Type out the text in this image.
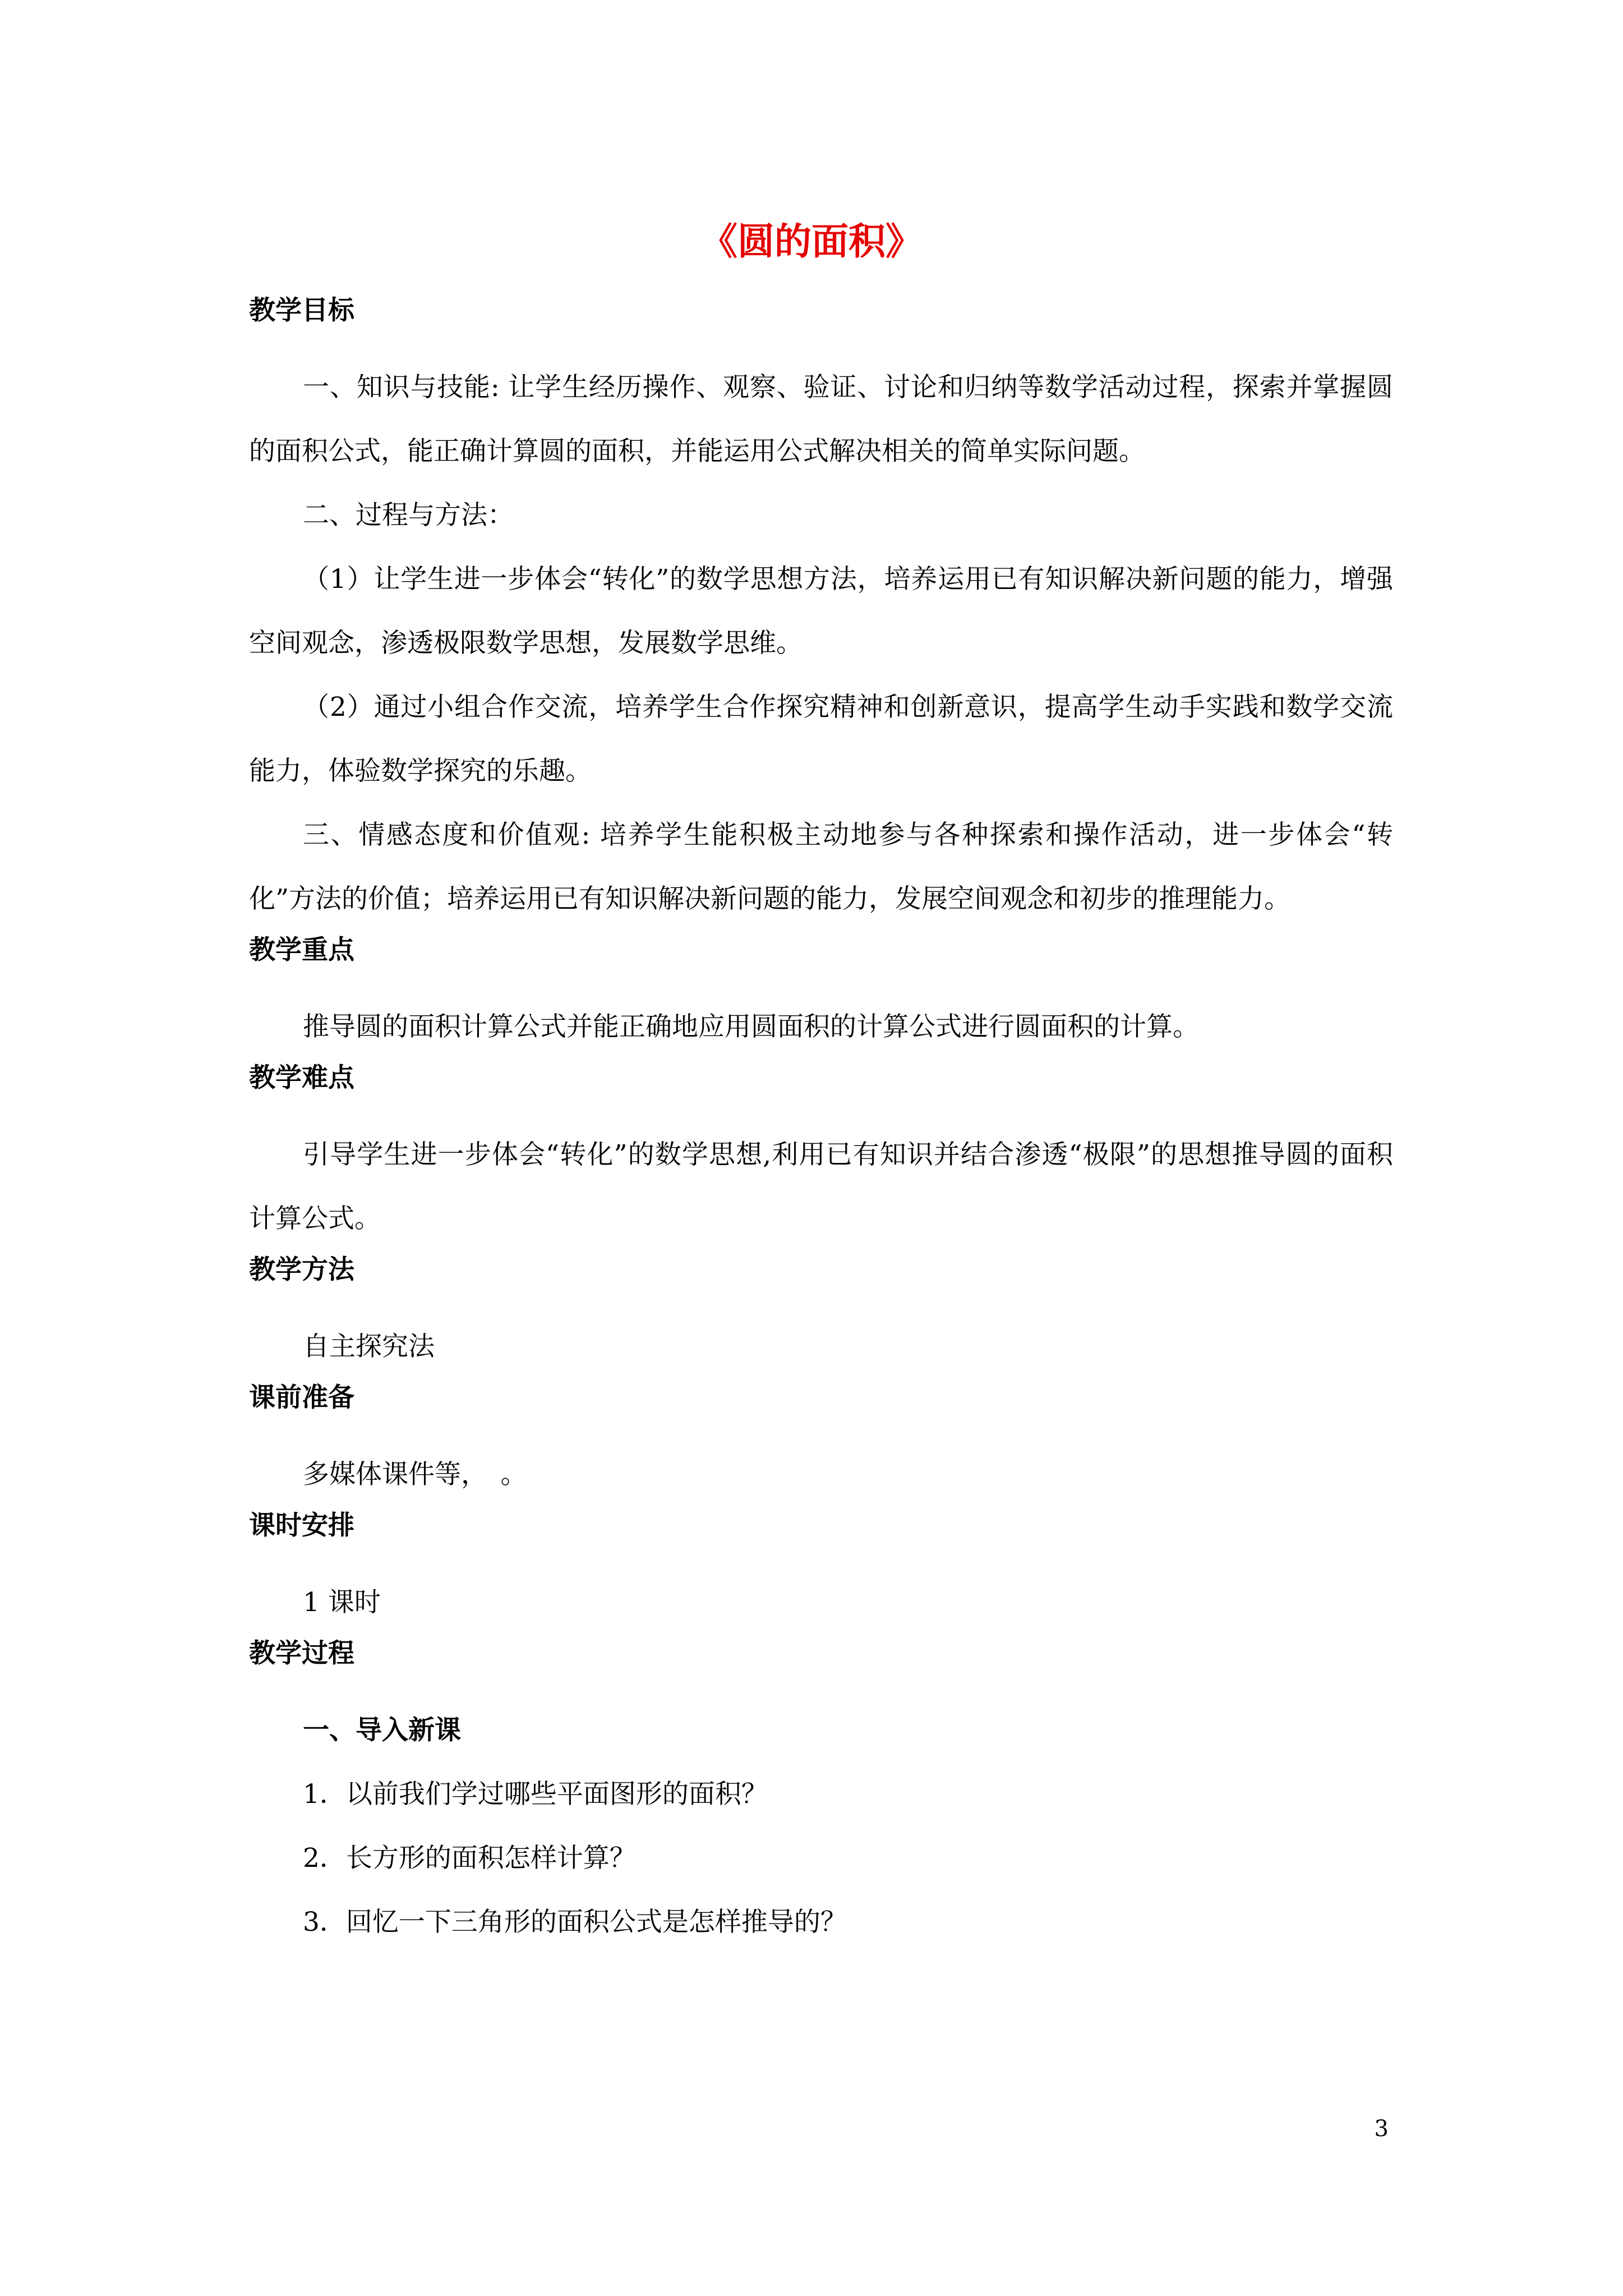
《圆的面积》
教学目标
一、知识与技能: 让学生经历操作、观察、验证、讨论和归纳等数学活动过程，探索并掌握圆的面积公式，能正确计算圆的面积，并能运用公式解决相关的简单实际问题。
二、过程与方法：
（1）让学生进一步体会“转化”的数学思想方法，培养运用已有知识解决新问题的能力，增强空间观念，渗透极限数学思想，发展数学思维。
（2）通过小组合作交流，培养学生合作探究精神和创新意识，提高学生动手实践和数学交流能力，体验数学探究的乐趣。
三、情感态度和价值观: 培养学生能积极主动地参与各种探索和操作活动，进一步体会“转化”方法的价值；培养运用已有知识解决新问题的能力，发展空间观念和初步的推理能力。
教学重点
推导圆的面积计算公式并能正确地应用圆面积的计算公式进行圆面积的计算。
教学难点
引导学生进一步体会“转化”的数学思想,利用已有知识并结合渗透“极限”的思想推导圆的面积计算公式。
教学方法
自主探究法
课前准备
多媒体课件等，　。
课时安排
1 课时
教学过程
一、导入新课
1．以前我们学过哪些平面图形的面积？
2．长方形的面积怎样计算？
3．回忆一下三角形的面积公式是怎样推导的？
3
